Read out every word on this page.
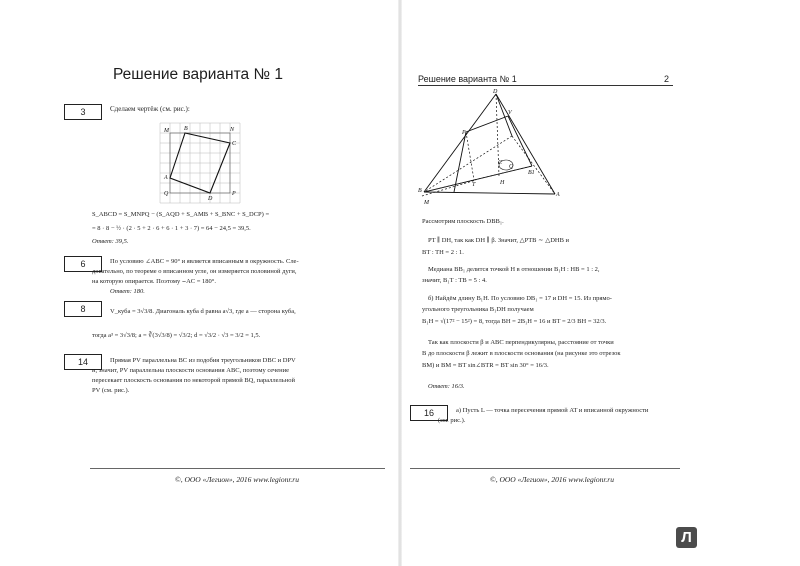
Решение варианта № 1
3	Сделаем чертёж (см. рис.):
M	B	N
C
A
Q
D
P
S_ABCD = S_MNPQ − (S_AQD + S_AMB + S_BNC + S_DCP) =
= 8 · 8 − ½ · (2 · 5 + 2 · 6 + 6 · 1 + 3 · 7) = 64 − 24,5 = 39,5.
Ответ: 39,5.
6	По условию ∠ABC = 90° и является вписанным в окружность. Сле-
довательно, по теореме о вписанном угле, он измеряется половиной дуги,
на которую опирается. Поэтому ⌣AC = 180°.
Ответ: 180.
8	V_куба = 3√3/8. Диагональ куба d равна a√3, где a — сторона куба,
тогда a³ = 3√3/8; a = ∛(3√3/8) = √3/2; d = √3/2 · √3 = 3/2 = 1,5.
14	Прямая PV параллельна BC из подобия треугольников DBC и DPV
и, значит, PV параллельна плоскости основания ABC, поэтому сечение
пересекает плоскость основания по некоторой прямой BQ, параллельной
PV (см. рис.).
©, ООО «Легион», 2016 www.legionr.ru
Решение варианта № 1	2
D
P
V
Q
C
B1
H
T
B
M
A
Рассмотрим плоскость DBB₁.
PT ∥ DH, так как DH ∥ β. Значит, △PTB ∼ △DHB и
BT : TH = 2 : 1.
Медиана BB₁ делится точкой H в отношении B₁H : HB = 1 : 2,
значит, B₁T : TB = 5 : 4.
б) Найдём длину B₁H. По условию DB₁ = 17 и DH = 15. Из прямо-
угольного треугольника B₁DH получаем
B₁H = √(17² − 15²) = 8, тогда BH = 2B₁H = 16 и BT = 2/3 BH = 32/3.
Так как плоскости β и ABC перпендикулярны, расстояние от точки
B до плоскости β лежит в плоскости основания (на рисунке это отрезок
BM) и BM = BT sin∠BTR = BT sin 30° = 16/3.
Ответ: 16/3.
16	а) Пусть L — точка пересечения прямой AT и вписанной окружности
(см. рис.).
©, ООО «Легион», 2016 www.legionr.ru
Л
